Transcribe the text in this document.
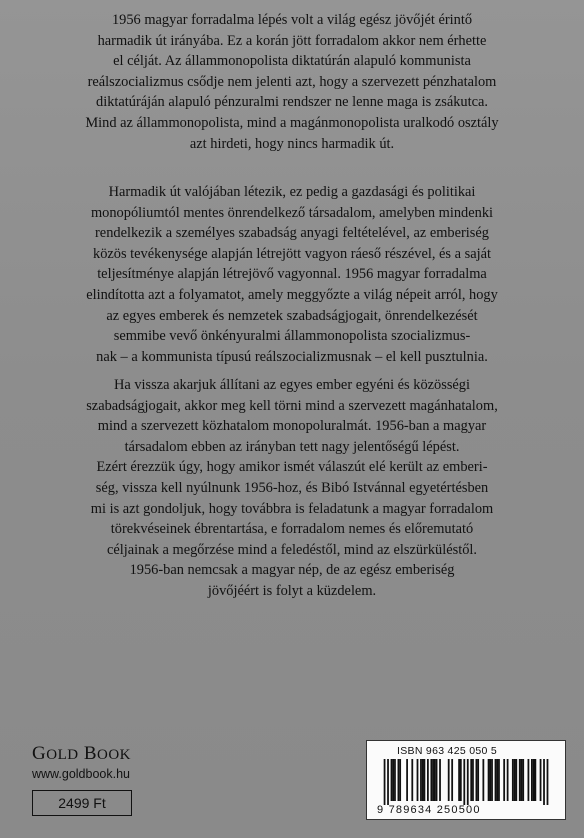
1956 magyar forradalma lépés volt a világ egész jövőjét érintő
harmadik út irányába. Ez a korán jött forradalom akkor nem érhette
el célját. Az állammonopolista diktatúrán alapuló kommunista
reálszocializmus csődje nem jelenti azt, hogy a szervezett pénzhatalom
diktatúráján alapuló pénzuralmi rendszer ne lenne maga is zsákutca.
Mind az állammonopolista, mind a magánmonopolista uralkodó osztály
azt hirdeti, hogy nincs harmadik út.
Harmadik út valójában létezik, ez pedig a gazdasági és politikai
monopóliumtól mentes önrendelkező társadalom, amelyben mindenki
rendelkezik a személyes szabadság anyagi feltételével, az emberiség
közös tevékenysége alapján létrejött vagyon ráeső részével, és a saját
teljesítménye alapján létrejövő vagyonnal. 1956 magyar forradalma
elindította azt a folyamatot, amely meggyőzte a világ népeit arról, hogy
az egyes emberek és nemzetek szabadságjogait, önrendelkezését
semmibe vevő önkényuralmi állammonopolista szocializmus-
nak – a kommunista típusú reálszocializmusnak – el kell pusztulnia.
Ha vissza akarjuk állítani az egyes ember egyéni és közösségi
szabadságjogait, akkor meg kell törni mind a szervezett magánhatalom,
mind a szervezett közhatalom monopoluralmát. 1956-ban a magyar
társadalom ebben az irányban tett nagy jelentőségű lépést.
Ezért érezzük úgy, hogy amikor ismét válaszút elé került az emberi-
ség, vissza kell nyúlnunk 1956-hoz, és Bibó Istvánnal egyetértésben
mi is azt gondoljuk, hogy továbbra is feladatunk a magyar forradalom
törekvéseinek ébrentartása, e forradalom nemes és előremutató
céljainak a megőrzése mind a feledéstől, mind az elszürküléstől.
1956-ban nemcsak a magyar nép, de az egész emberiség
jövőjéért is folyt a küzdelem.
GOLD BOOK
www.goldbook.hu
2499 Ft
ISBN 963 425 050 5
9 789634 250500
